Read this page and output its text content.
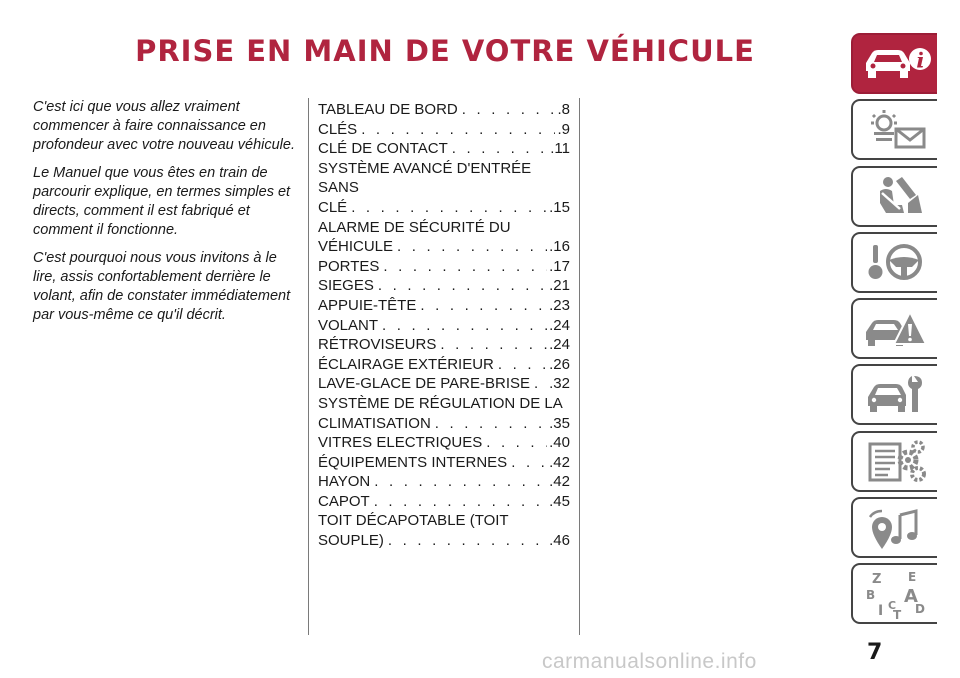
PRISE EN MAIN DE VOTRE VÉHICULE

C'est ici que vous allez vraiment commencer à faire connaissance en profondeur avec votre nouveau véhicule.

Le Manuel que vous êtes en train de parcourir explique, en termes simples et directs, comment il est fabriqué et comment il fonctionne.

C'est pourquoi nous vous invitons à le lire, assis confortablement derrière le volant, afin de constater immédiatement par vous-même ce qu'il décrit.

TABLEAU DE BORD . . .	.8
CLÉS . . .	.9
CLÉ DE CONTACT . . .	.11
SYSTÈME AVANCÉ D'ENTRÉE SANS
CLÉ . . .	.15
ALARME DE SÉCURITÉ DU
VÉHICULE . . .	.16
PORTES . . .	.17
SIEGES . . .	.21
APPUIE-TÊTE . . .	.23
VOLANT . . .	.24
RÉTROVISEURS . . .	.24
ÉCLAIRAGE EXTÉRIEUR . . .	.26
LAVE-GLACE DE PARE-BRISE . . . .32
SYSTÈME DE RÉGULATION DE LA
CLIMATISATION . . .	.35
VITRES ELECTRIQUES . . .	.40
ÉQUIPEMENTS INTERNES . . .	.42
HAYON . . .	.42
CAPOT . . .	.45
TOIT DÉCAPOTABLE (TOIT
SOUPLE) . . .	.46
Z E
B A
I C D
T
7
carmanualsonline.info
